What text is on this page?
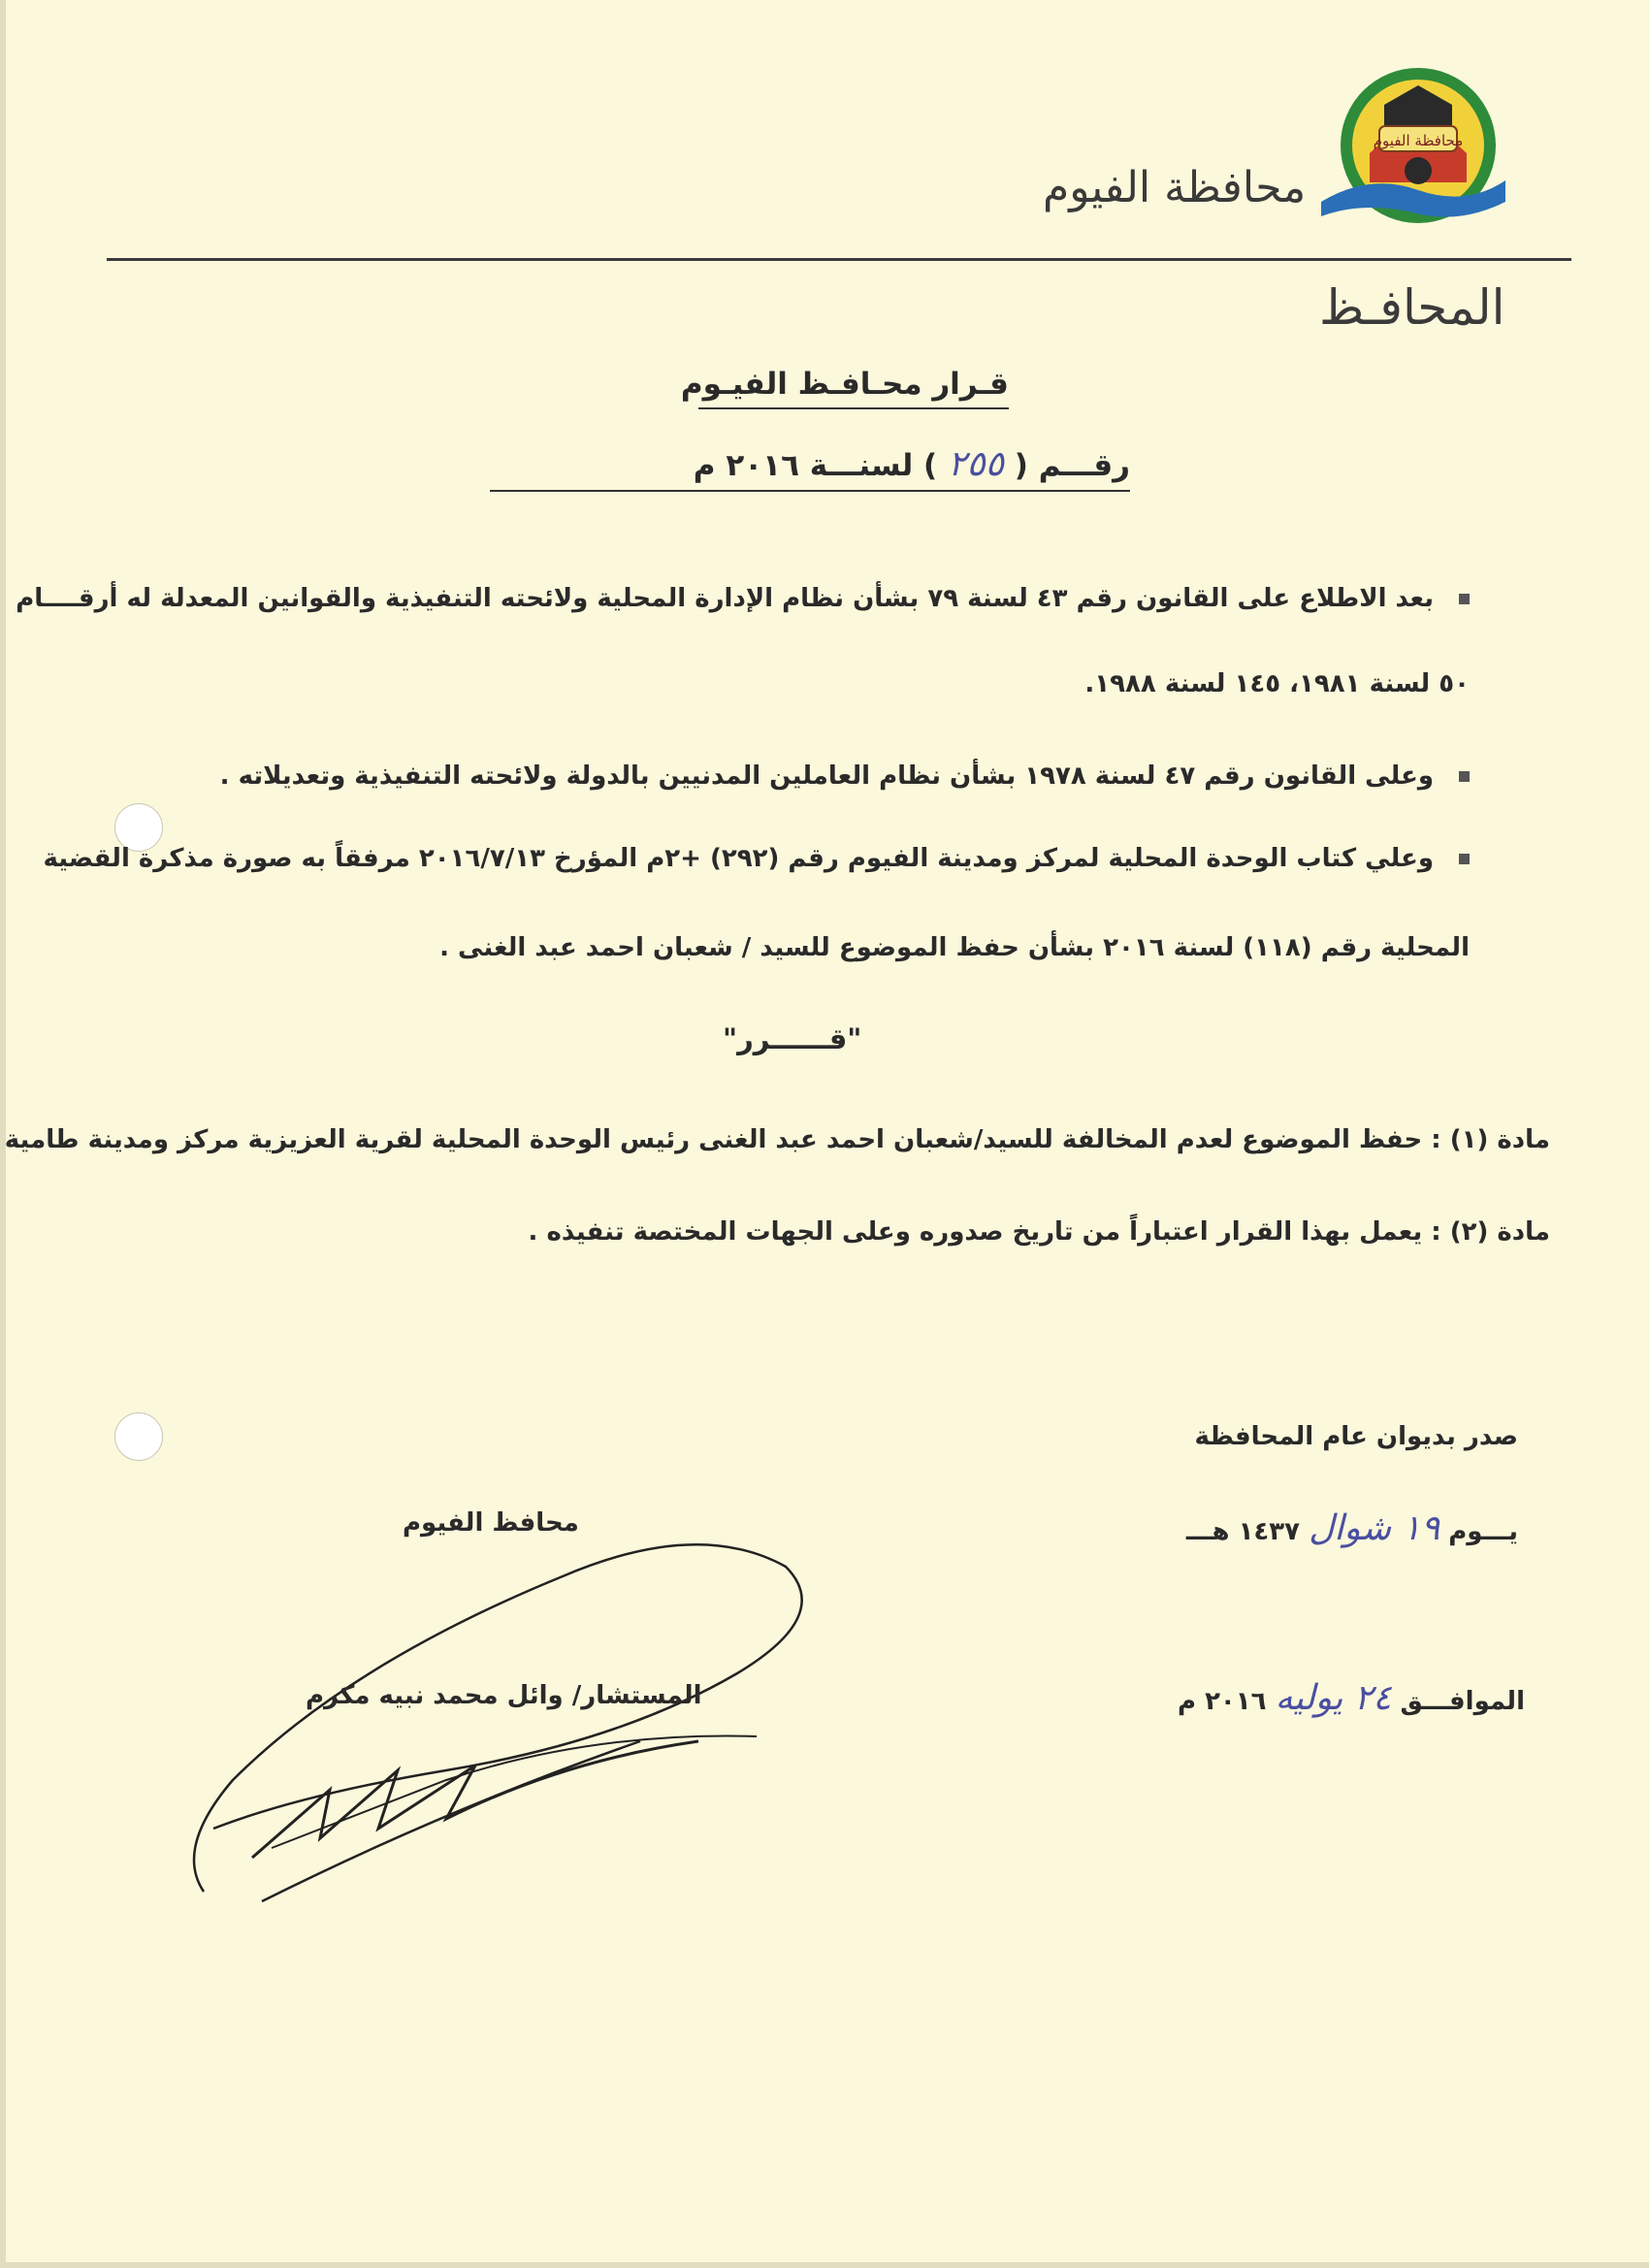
محافظة الفيوم
محافظة الفيوم
المحافـظ
قـرار محـافـظ الفيـوم
رقـــم ( ٢٥٥ ) لسنـــة ٢٠١٦ م
بعد الاطلاع على القانون رقم ٤٣ لسنة ٧٩ بشأن نظام الإدارة المحلية ولائحته التنفيذية والقوانين المعدلة له أرقــــام
٥٠ لسنة ١٩٨١، ١٤٥ لسنة ١٩٨٨.
وعلى القانون رقم ٤٧ لسنة ١٩٧٨ بشأن نظام العاملين المدنيين بالدولة ولائحته التنفيذية وتعديلاته .
وعلي كتاب الوحدة المحلية لمركز ومدينة الفيوم رقم (٢٩٢) +٢م المؤرخ ٢٠١٦/٧/١٣ مرفقاً به صورة مذكرة القضية
المحلية رقم (١١٨) لسنة ٢٠١٦ بشأن حفظ الموضوع للسيد / شعبان احمد عبد الغنى .
"قــــــرر"
مادة (١) : حفظ الموضوع لعدم المخالفة للسيد/شعبان احمد عبد الغنى رئيس الوحدة المحلية لقرية العزيزية مركز ومدينة طامية
مادة (٢) : يعمل بهذا القرار اعتباراً من تاريخ صدوره وعلى الجهات المختصة تنفيذه .
صدر بديوان عام المحافظة
يـــوم ١٩ شوال ١٤٣٧ هـــ
الموافـــق ٢٤ يوليه ٢٠١٦ م
محافظ الفيوم
المستشار/ وائل محمد نبيه مكرم
